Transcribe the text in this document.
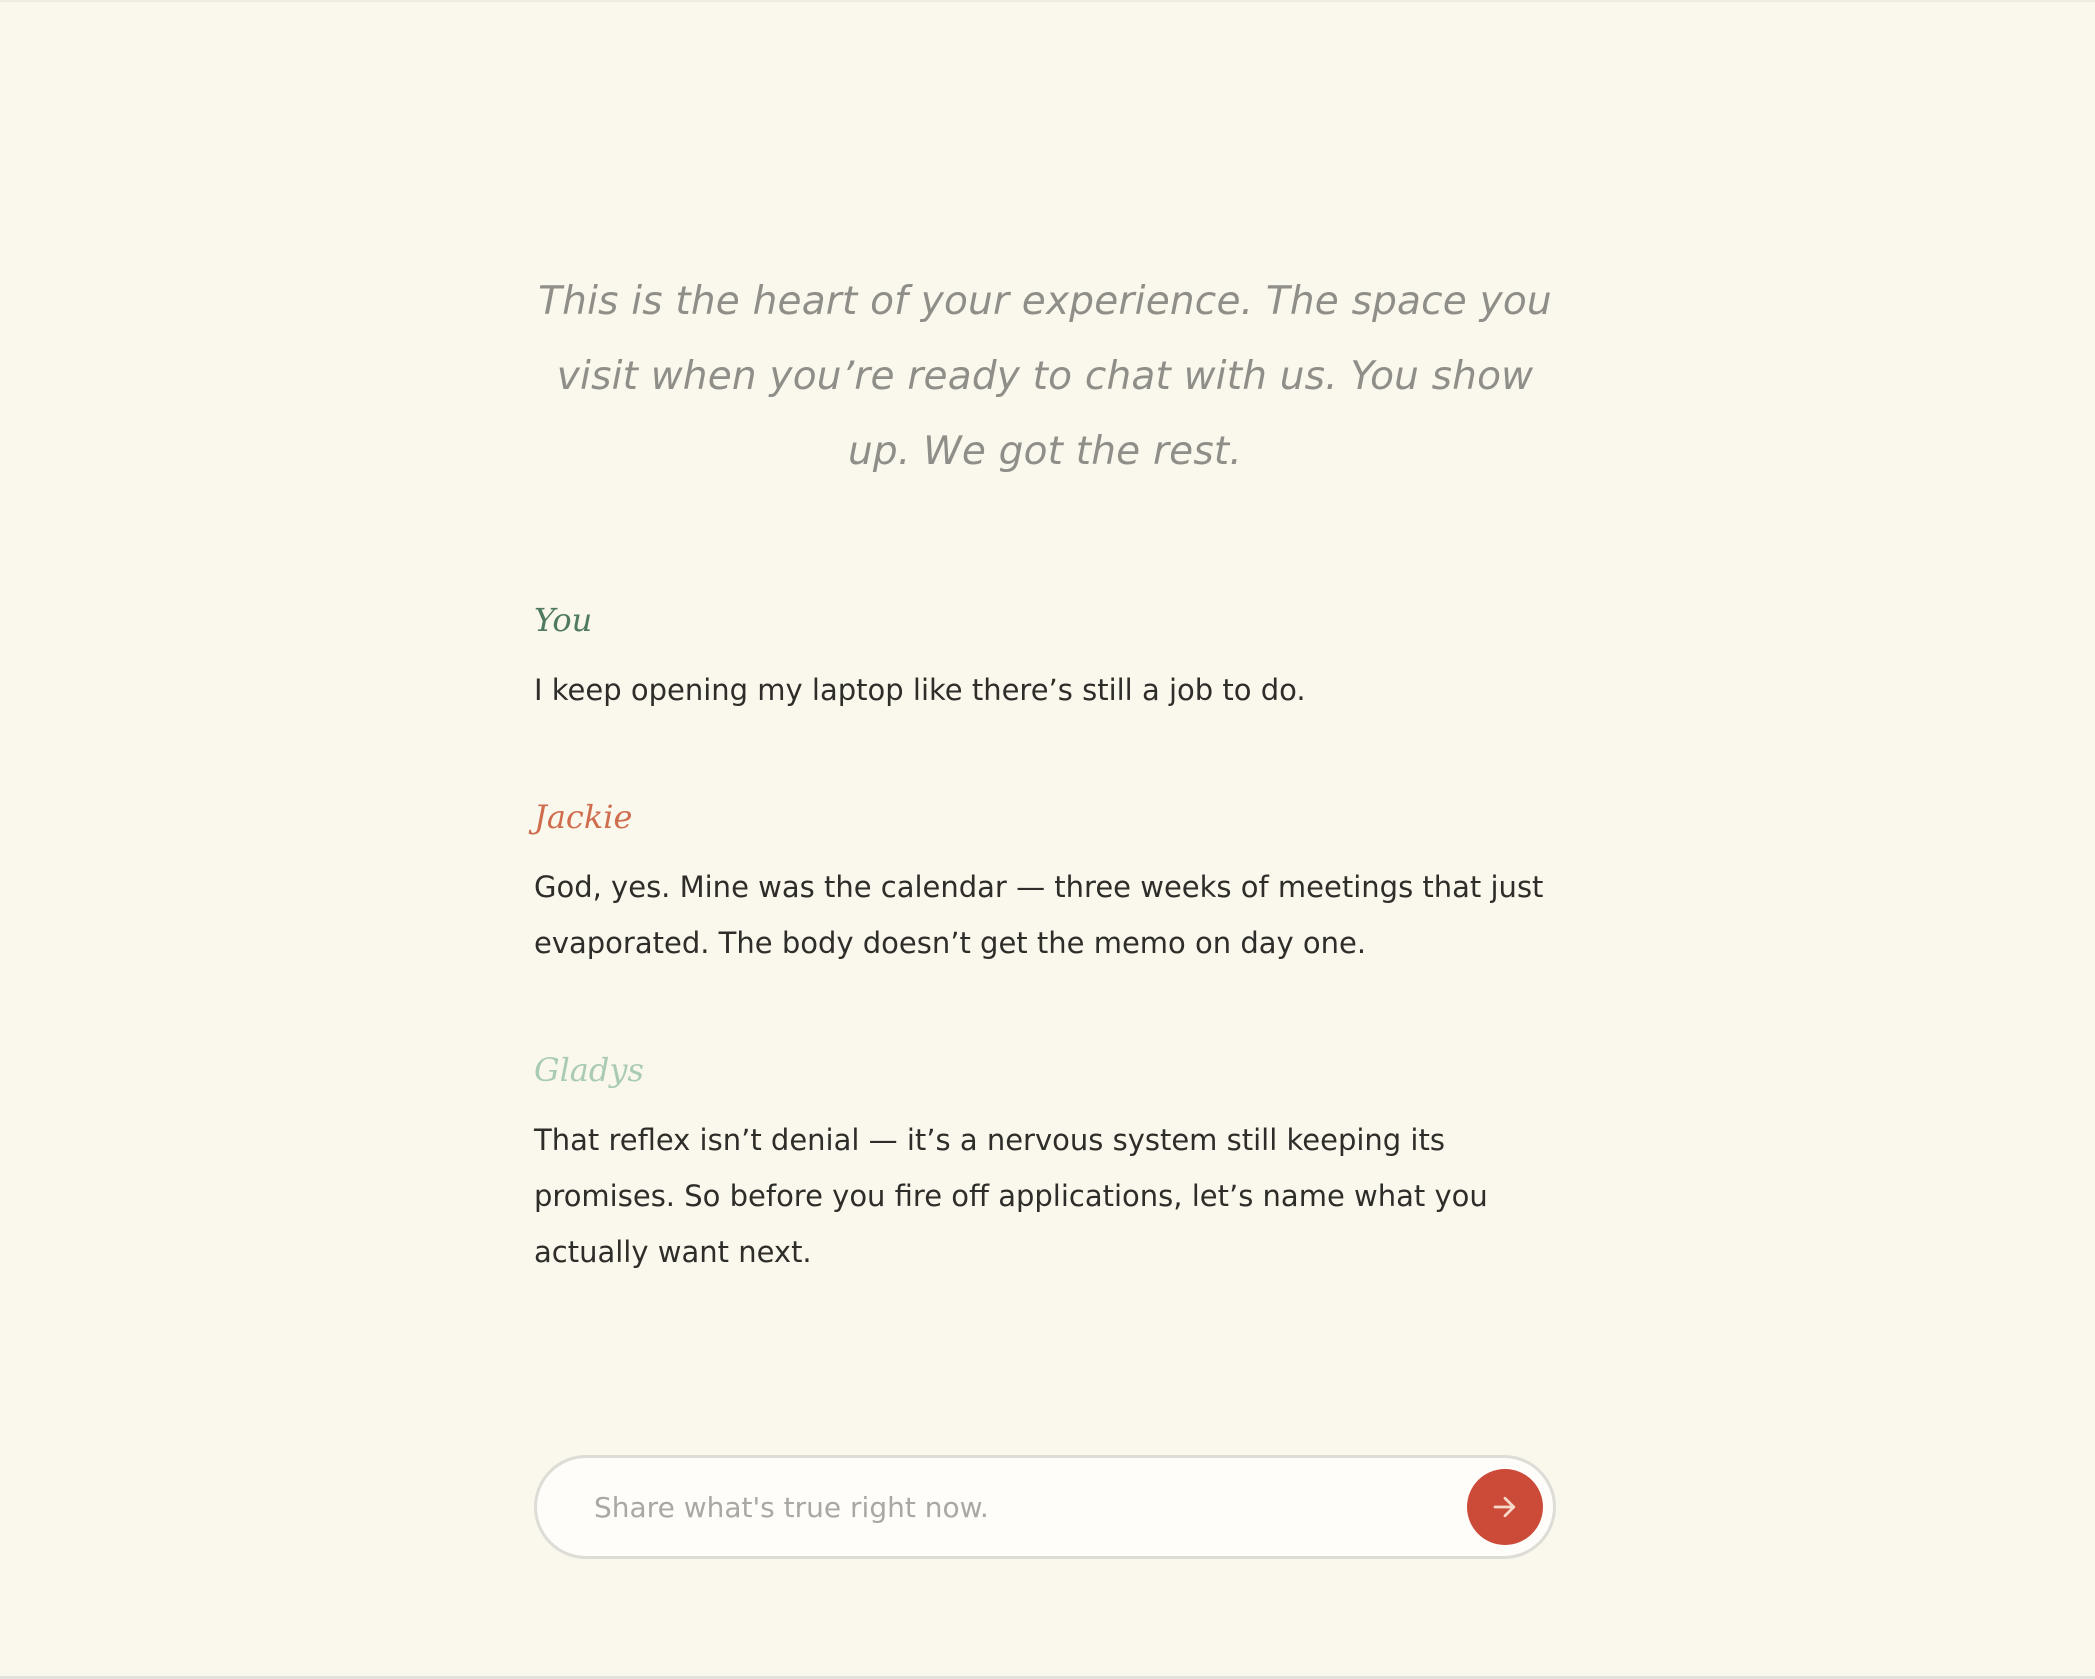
This is the heart of your experience. The space you visit when you’re ready to chat with us. You show up. We got the rest.

You

I keep opening my laptop like there’s still a job to do.

Jackie

God, yes. Mine was the calendar — three weeks of meetings that just evaporated. The body doesn’t get the memo on day one.

Gladys

That reflex isn’t denial — it’s a nervous system still keeping its promises. So before you fire off applications, let’s name what you actually want next.

Share what's true right now.
